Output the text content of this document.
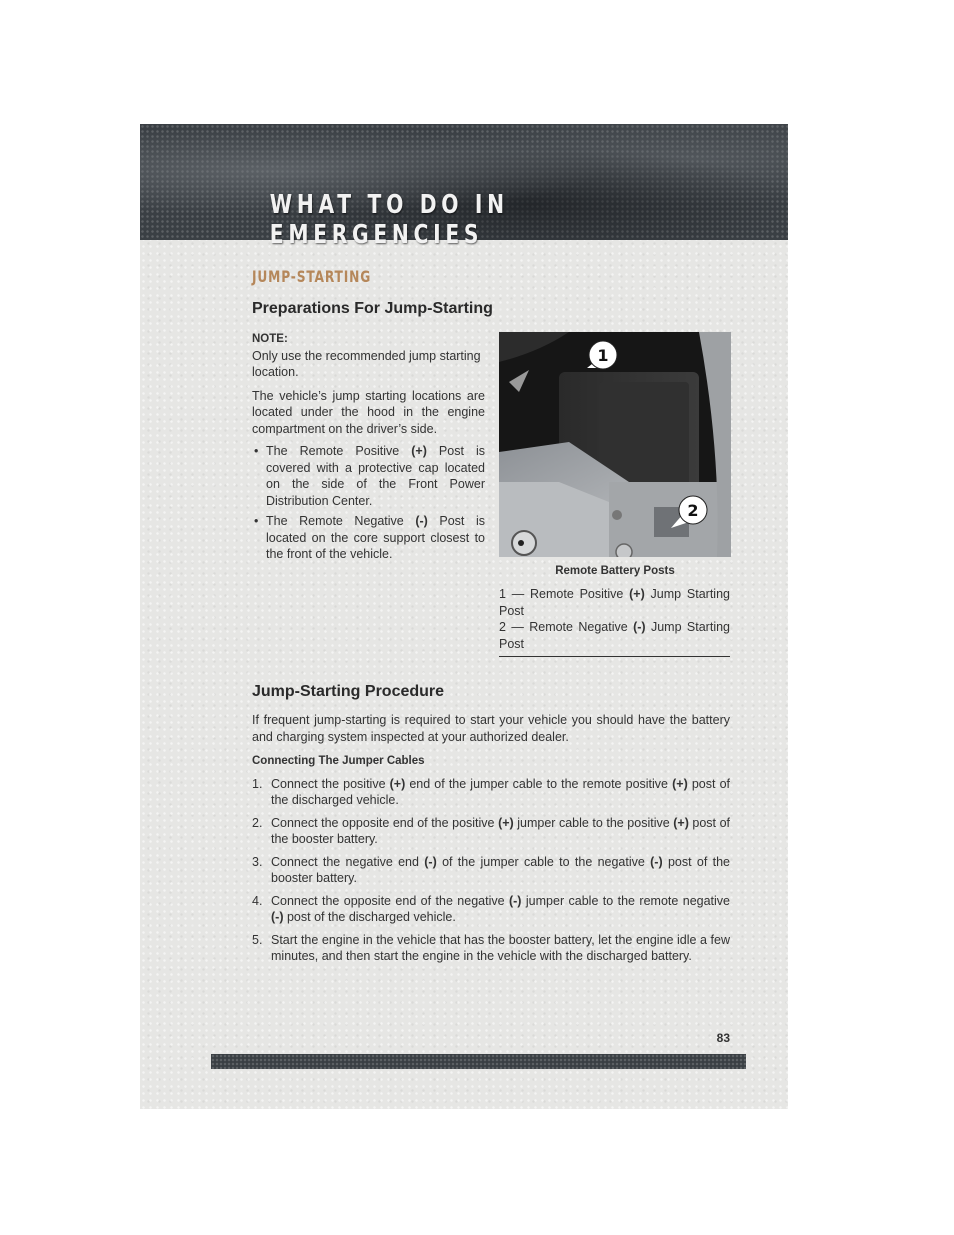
WHAT TO DO IN EMERGENCIES
JUMP-STARTING
Preparations For Jump-Starting
NOTE:
Only use the recommended jump starting location.
The vehicle’s jump starting locations are located under the hood in the engine compartment on the driver’s side.
• The Remote Positive (+) Post is covered with a protective cap located on the side of the Front Power Distribution Center.
• The Remote Negative (-) Post is located on the core support closest to the front of the vehicle.
1
2
Remote Battery Posts
1 — Remote Positive (+) Jump Starting Post
2 — Remote Negative (-) Jump Starting Post
Jump-Starting Procedure
If frequent jump-starting is required to start your vehicle you should have the battery and charging system inspected at your authorized dealer.
Connecting The Jumper Cables
1. Connect the positive (+) end of the jumper cable to the remote positive (+) post of the discharged vehicle.
2. Connect the opposite end of the positive (+) jumper cable to the positive (+) post of the booster battery.
3. Connect the negative end (-) of the jumper cable to the negative (-) post of the booster battery.
4. Connect the opposite end of the negative (-) jumper cable to the remote negative (-) post of the discharged vehicle.
5. Start the engine in the vehicle that has the booster battery, let the engine idle a few minutes, and then start the engine in the vehicle with the discharged battery.
83
